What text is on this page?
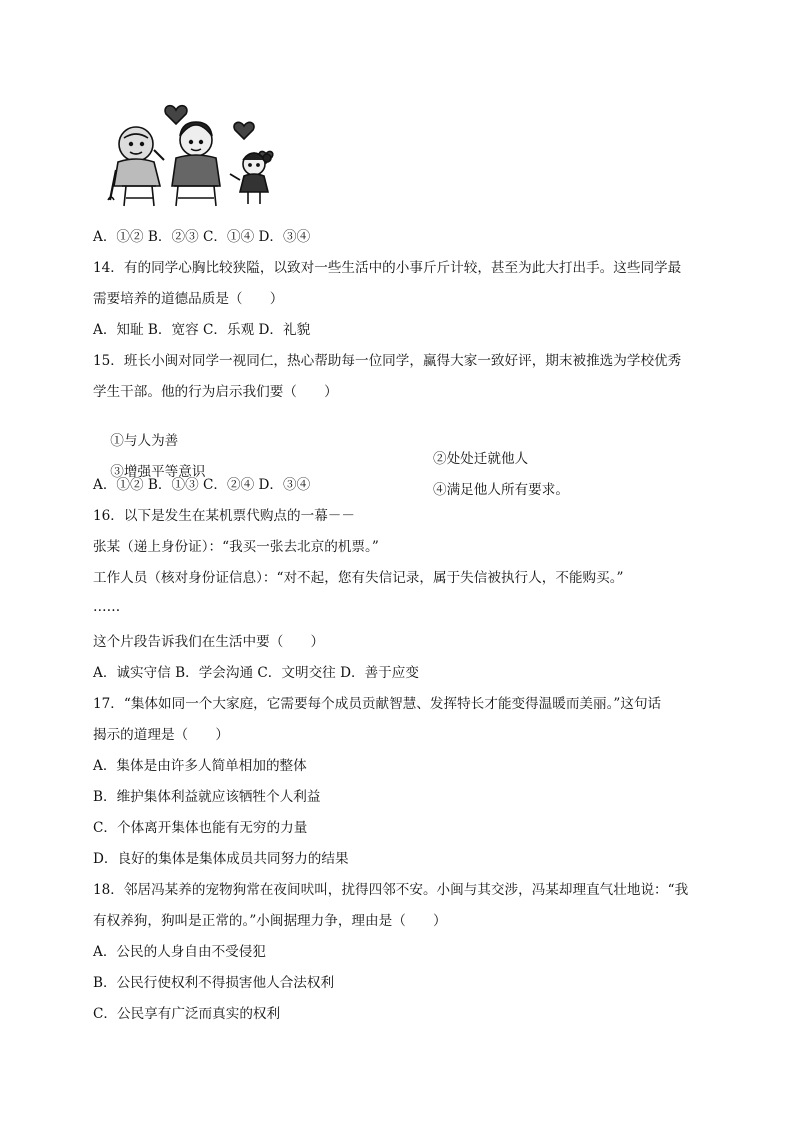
A．①② B．②③ C．①④ D．③④
14．有的同学心胸比较狭隘，以致对一些生活中的小事斤斤计较，甚至为此大打出手。这些同学最
需要培养的道德品质是（　　）
A．知耻 B．宽容 C．乐观 D．礼貌
15．班长小闽对同学一视同仁，热心帮助每一位同学，赢得大家一致好评，期末被推选为学校优秀
学生干部。他的行为启示我们要（　　）

①与人为善

②处处迁就他人

③增强平等意识

④满足他人所有要求。

A．①② B．①③ C．②④ D．③④
16．以下是发生在某机票代购点的一幕－－
张某（递上身份证）：“我买一张去北京的机票。”
工作人员（核对身份证信息）：“对不起，您有失信记录，属于失信被执行人，不能购买。”
……
这个片段告诉我们在生活中要（　　）
A．诚实守信 B．学会沟通 C．文明交往 D．善于应变
17．“集体如同一个大家庭，它需要每个成员贡献智慧、发挥特长才能变得温暖而美丽。”这句话
揭示的道理是（　　）
A．集体是由许多人简单相加的整体
B．维护集体利益就应该牺牲个人利益
C．个体离开集体也能有无穷的力量
D．良好的集体是集体成员共同努力的结果
18．邻居冯某养的宠物狗常在夜间吠叫，扰得四邻不安。小闽与其交涉，冯某却理直气壮地说：“我
有权养狗，狗叫是正常的。”小闽据理力争，理由是（　　）
A．公民的人身自由不受侵犯
B．公民行使权利不得损害他人合法权利
C．公民享有广泛而真实的权利
